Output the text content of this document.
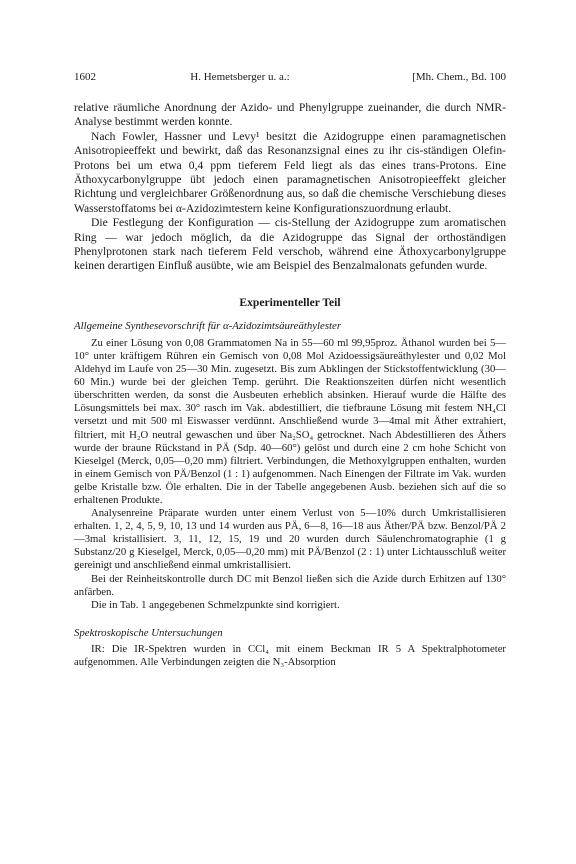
1602	H. Hemetsberger u. a.:	[Mh. Chem., Bd. 100

relative räumliche Anordnung der Azido- und Phenylgruppe zueinander, die durch NMR-Analyse bestimmt werden konnte.

Nach Fowler, Hassner und Levy¹ besitzt die Azidogruppe einen paramagnetischen Anisotropieeffekt und bewirkt, daß das Resonanzsignal eines zu ihr cis-ständigen Olefin-Protons bei um etwa 0,4 ppm tieferem Feld liegt als das eines trans-Protons. Eine Äthoxycarbonylgruppe übt jedoch einen paramagnetischen Anisotropieeffekt gleicher Richtung und vergleichbarer Größenordnung aus, so daß die chemische Verschiebung dieses Wasserstoffatoms bei α-Azidozimtestern keine Konfigurationszuordnung erlaubt.

Die Festlegung der Konfiguration — cis-Stellung der Azidogruppe zum aromatischen Ring — war jedoch möglich, da die Azidogruppe das Signal der orthoständigen Phenylprotonen stark nach tieferem Feld verschob, während eine Äthoxycarbonylgruppe keinen derartigen Einfluß ausübte, wie am Beispiel des Benzalmalonats gefunden wurde.

Experimenteller Teil
Allgemeine Synthesevorschrift für α-Azidozimtsäureäthylester

Zu einer Lösung von 0,08 Grammatomen Na in 55—60 ml 99,95proz. Äthanol wurden bei 5—10° unter kräftigem Rühren ein Gemisch von 0,08 Mol Azidoessigsäureäthylester und 0,02 Mol Aldehyd im Laufe von 25—30 Min. zugesetzt. Bis zum Abklingen der Stickstoffentwicklung (30—60 Min.) wurde bei der gleichen Temp. gerührt. Die Reaktionszeiten dürfen nicht wesentlich überschritten werden, da sonst die Ausbeuten erheblich absinken. Hierauf wurde die Hälfte des Lösungsmittels bei max. 30° rasch im Vak. abdestilliert, die tiefbraune Lösung mit festem NH₄Cl versetzt und mit 500 ml Eiswasser verdünnt. Anschließend wurde 3—4mal mit Äther extrahiert, filtriert, mit H₂O neutral gewaschen und über Na₂SO₄ getrocknet. Nach Abdestillieren des Äthers wurde der braune Rückstand in PÄ (Sdp. 40—60°) gelöst und durch eine 2 cm hohe Schicht von Kieselgel (Merck, 0,05—0,20 mm) filtriert. Verbindungen, die Methoxylgruppen enthalten, wurden in einem Gemisch von PÄ/Benzol (1 : 1) aufgenommen. Nach Einengen der Filtrate im Vak. wurden gelbe Kristalle bzw. Öle erhalten. Die in der Tabelle angegebenen Ausb. beziehen sich auf die so erhaltenen Produkte.

Analysenreine Präparate wurden unter einem Verlust von 5—10% durch Umkristallisieren erhalten. 1, 2, 4, 5, 9, 10, 13 und 14 wurden aus PÄ, 6—8, 16—18 aus Äther/PÄ bzw. Benzol/PÄ 2—3mal kristallisiert. 3, 11, 12, 15, 19 und 20 wurden durch Säulenchromatographie (1 g Substanz/20 g Kieselgel, Merck, 0,05—0,20 mm) mit PÄ/Benzol (2 : 1) unter Lichtausschluß weiter gereinigt und anschließend einmal umkristallisiert.

Bei der Reinheitskontrolle durch DC mit Benzol ließen sich die Azide durch Erhitzen auf 130° anfärben.

Die in Tab. 1 angegebenen Schmelzpunkte sind korrigiert.

Spektroskopische Untersuchungen

IR: Die IR-Spektren wurden in CCl₄ mit einem Beckman IR 5 A Spektralphotometer aufgenommen. Alle Verbindungen zeigten die N₃-Absorption
